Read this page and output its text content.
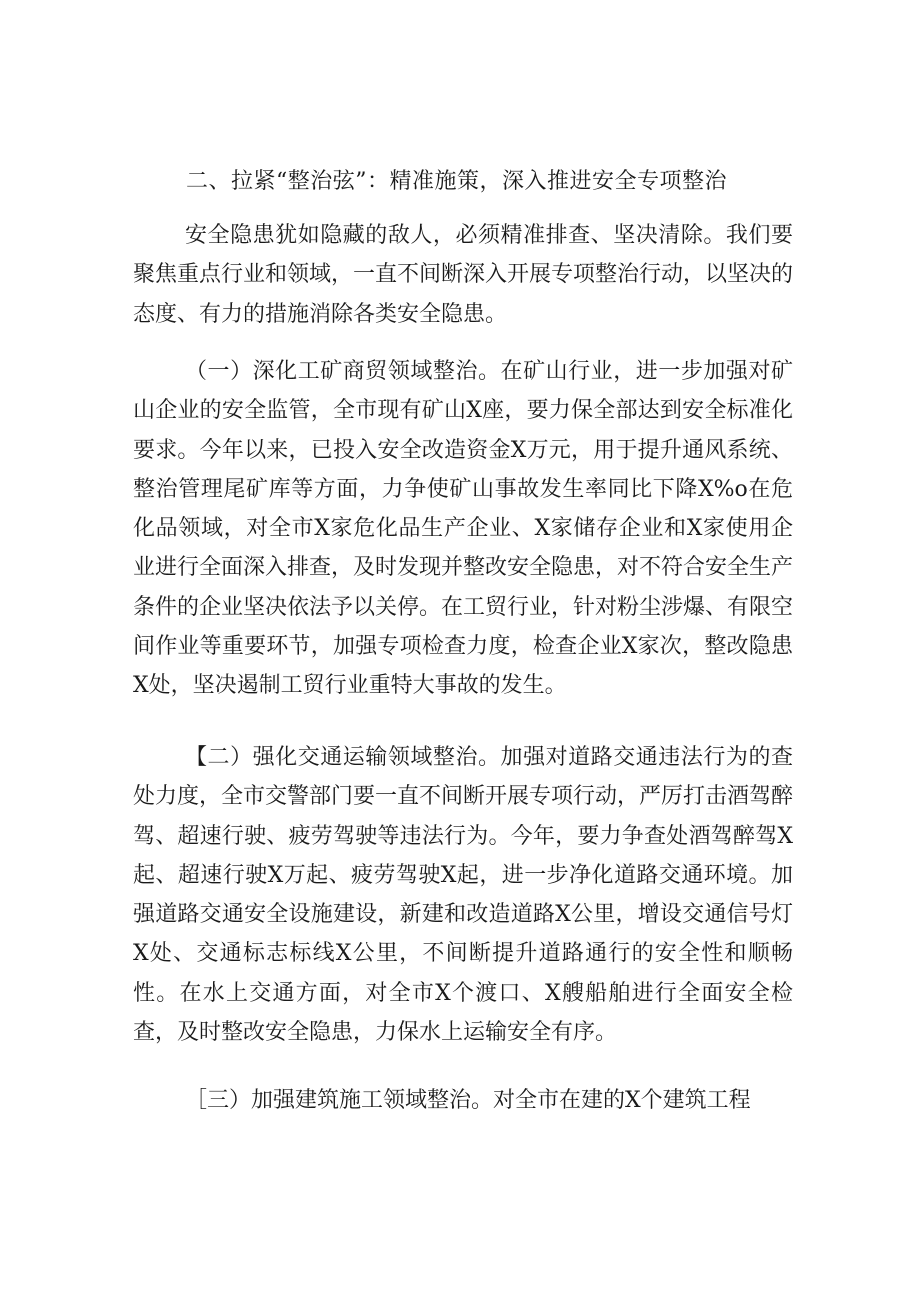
二、拉紧“整治弦”：精准施策，深入推进安全专项整治

安全隐患犹如隐藏的敌人，必须精准排查、坚决清除。我们要聚焦重点行业和领域，一直不间断深入开展专项整治行动，以坚决的态度、有力的措施消除各类安全隐患。

（一）深化工矿商贸领域整治。在矿山行业，进一步加强对矿山企业的安全监管，全市现有矿山X座，要力保全部达到安全标准化要求。今年以来，已投入安全改造资金X万元，用于提升通风系统、整治管理尾矿库等方面，力争使矿山事故发生率同比下降X%o在危化品领域，对全市X家危化品生产企业、X家储存企业和X家使用企业进行全面深入排查，及时发现并整改安全隐患，对不符合安全生产条件的企业坚决依法予以关停。在工贸行业，针对粉尘涉爆、有限空间作业等重要环节，加强专项检查力度，检查企业X家次，整改隐患X处，坚决遏制工贸行业重特大事故的发生。

【二）强化交通运输领域整治。加强对道路交通违法行为的查处力度，全市交警部门要一直不间断开展专项行动，严厉打击酒驾醉驾、超速行驶、疲劳驾驶等违法行为。今年，要力争查处酒驾醉驾X起、超速行驶X万起、疲劳驾驶X起，进一步净化道路交通环境。加强道路交通安全设施建设，新建和改造道路X公里，增设交通信号灯X处、交通标志标线X公里，不间断提升道路通行的安全性和顺畅性。在水上交通方面，对全市X个渡口、X艘船舶进行全面安全检查，及时整改安全隐患，力保水上运输安全有序。

［三）加强建筑施工领域整治。对全市在建的X个建筑工程
